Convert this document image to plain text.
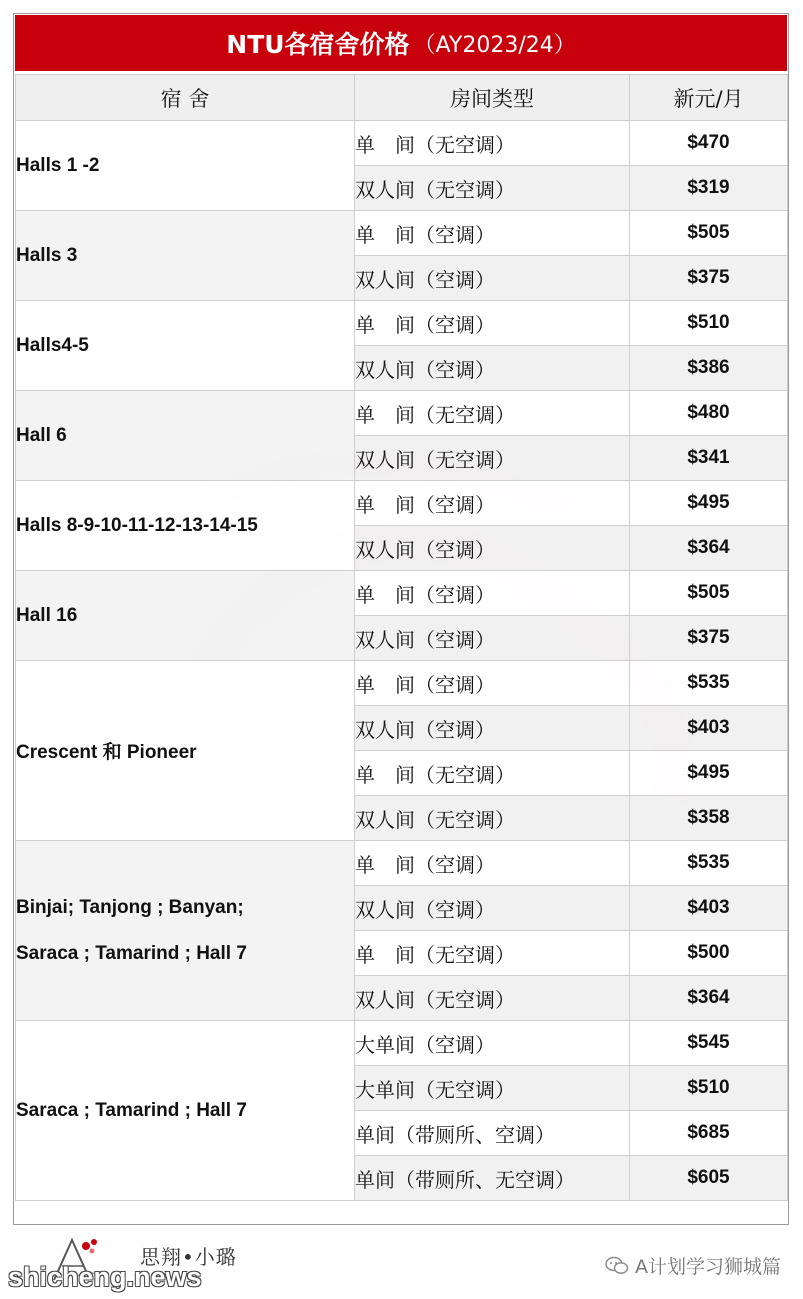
NTU各宿舍价格 （AY2023/24）
宿 舍	房间类型	新元/月
Halls 1 -2	单　间（无空调）	$470
	双人间（无空调）	$319
Halls 3	单　间（空调）	$505
	双人间（空调）	$375
Halls4-5	单　间（空调）	$510
	双人间（空调）	$386
Hall 6	单　间（无空调）	$480
	双人间（无空调）	$341
Halls 8-9-10-11-12-13-14-15	单　间（空调）	$495
	双人间（空调）	$364
Hall 16	单　间（空调）	$505
	双人间（空调）	$375
Crescent 和 Pioneer	单　间（空调）	$535
	双人间（空调）	$403
	单　间（无空调）	$495
	双人间（无空调）	$358

Binjai; Tanjong ; Banyan;
Saraca ; Tamarind ; Hall 7	单　间（空调）	$535
	双人间（空调）	$403
	单　间（无空调）	$500
	双人间（无空调）	$364
Saraca ; Tamarind ; Hall 7	大单间（空调）	$545
	大单间（无空调）	$510
	单间（带厕所、空调）	$685
	单间（带厕所、无空调）	$605
思翔•小璐
shicheng.news	A计划学习狮城篇
